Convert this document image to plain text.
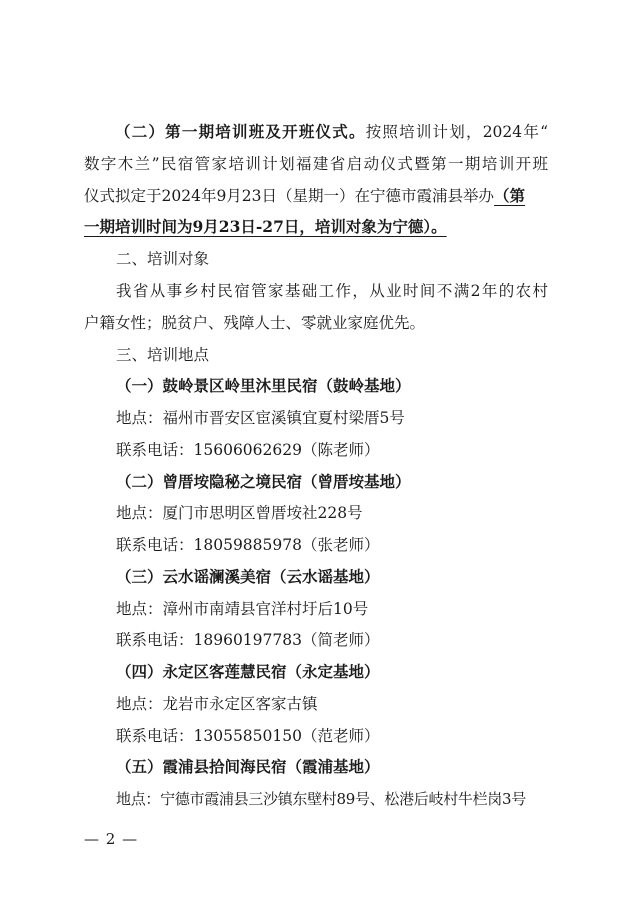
（二）第一期培训班及开班仪式。按照培训计划，2024年“
数字木兰”民宿管家培训计划福建省启动仪式暨第一期培训开班
仪式拟定于2024年9月23日（星期一）在宁德市霞浦县举办（第
一期培训时间为9月23日-27日，培训对象为宁德）。
二、培训对象
我省从事乡村民宿管家基础工作，从业时间不满2年的农村
户籍女性；脱贫户、残障人士、零就业家庭优先。
三、培训地点
（一）鼓岭景区岭里沐里民宿（鼓岭基地）
地点：福州市晋安区宦溪镇宜夏村梁厝5号
联系电话：15606062629（陈老师）
（二）曾厝垵隐秘之境民宿（曾厝垵基地）
地点：厦门市思明区曾厝垵社228号
联系电话：18059885978（张老师）
（三）云水谣澜溪美宿（云水谣基地）
地点：漳州市南靖县官洋村圩后10号
联系电话：18960197783（简老师）
（四）永定区客莲慧民宿（永定基地）
地点：龙岩市永定区客家古镇
联系电话：13055850150（范老师）
（五）霞浦县拾间海民宿（霞浦基地）
地点：宁德市霞浦县三沙镇东壁村89号、松港后岐村牛栏岗3号
— 2 —
